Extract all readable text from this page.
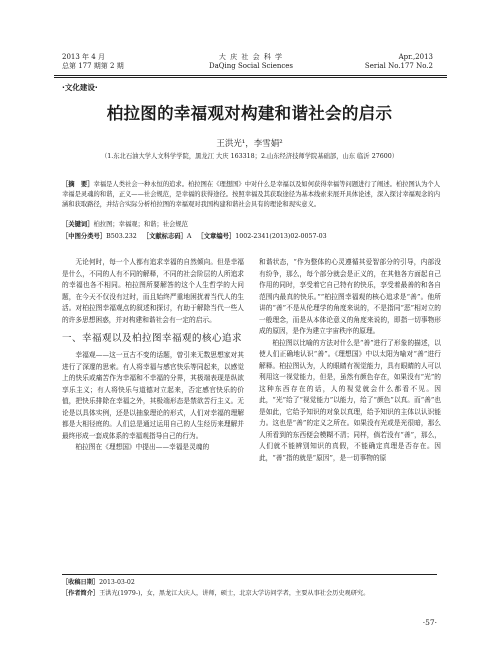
2013 年 4 月
总第 177 期第 2 期
大 庆 社 会 科 学
DaQing Social Sciences
Apr.,2013
Serial No.177 No.2
·文化建设·
柏拉图的幸福观对构建和谐社会的启示
王洪光¹，李雪娟²
（1.东北石油大学人文科学学院，黑龙江 大庆 163318；2.山东经济技师学院基础部，山东 临沂 27600）
［摘　要］幸福是人类社会一种永恒的追求。柏拉图在《理想国》中对什么是幸福以及如何获得幸福等问题进行了阐述。柏拉图认为个人幸福是灵魂的和谐，正义——社会规范，是幸福的获得途径。按照幸福及其获取途径为基本线索来展开具体论述，深入探讨幸福观念的内涵和获取路径，并结合实际分析柏拉图的幸福观对我国构建和谐社会具有的理论和现实意义。
［关键词］柏拉图；幸福观；和谐；社会规范
［中图分类号］B503.232 ［文献标志码］A ［文章编号］1002-2341(2013)02-0057-03

无论何时，每一个人都有追求幸福的自然倾向。但是幸福是什么，不同的人有不同的解释，不同的社会阶层的人所追求的幸福也各不相同。柏拉图所要解答的这个人生哲学的大问题，在今天不仅没有过时，而且始终严重地困扰着当代人的生活。对柏拉图幸福观点的叙述和探讨，有助于解除当代一些人的许多思想困惑，并对构建和谐社会有一定的启示。

一、幸福观以及柏拉图幸福观的核心追求

幸福观——这一亘古不变的话题，曾引来无数思想家对其进行了深邃的思索。有人将幸福与感官快乐等同起来，以感觉上的快乐或痛苦作为幸福和不幸福的分界，其极端表现是纵欲享乐主义；有人将快乐与道德对立起来，否定感官快乐的价值，把快乐排除在幸福之外，其极端形态是禁欲苦行主义。无论是以具体实例，还是以抽象理论的形式，人们对幸福的理解都是大相径庭的。人们总是通过运用自己的人生经历来理解并最终形成一套成体系的幸福观指导自己的行为。

柏拉图在《理想国》中提出——幸福是灵魂的

和谐状态，“作为整体的心灵遵循其爱智部分的引导，内部没有纷争，那么，每个部分就会是正义的，在其他各方面起自己作用的同时，享受着它自己特有的快乐，享受着最善的和各自范围内最真的快乐。”“柏拉图幸福观的核心追求是“善”。他所讲的“善”不是从伦理学的角度来说的，不是指同“恶”相对立的一般理念，而是从本体论意义的角度来说的，即指一切事物形成的原因，是作为建立宇宙秩序的原理。

柏拉图以比喻的方法对什么是“善”进行了形象的描述，以使人们正确地认识“善”。《理想国》中以太阳为喻对“善”进行解释。柏拉图认为，人的眼睛有视觉能力，具有眼睛的人可以利用这一视觉能力，但是，虽然有颜色存在，如果没有“光”的这种东西存在的话，人的视觉就会什么都看不见。因此，“光”给了“视觉能力”以能力，给了“颜色”以真。而“善”也是如此，它给予知识的对象以真理，给予知识的主体以认识能力。这也是“善”的定义之所在。如果没有光或是光很暗，那么人所看到的东西便会模糊不清；同样，倘若没有“善”，那么，人们就不能辨别知识的真假，不能确定真理是否存在。因此，“善”指的就是“原因”，是一切事物的原

［收稿日期］2013-03-02
［作者简介］王洪光(1979-)，女，黑龙江大庆人，讲师，硕士，北京大学访问学者，主要从事社会历史观研究。
·57·
